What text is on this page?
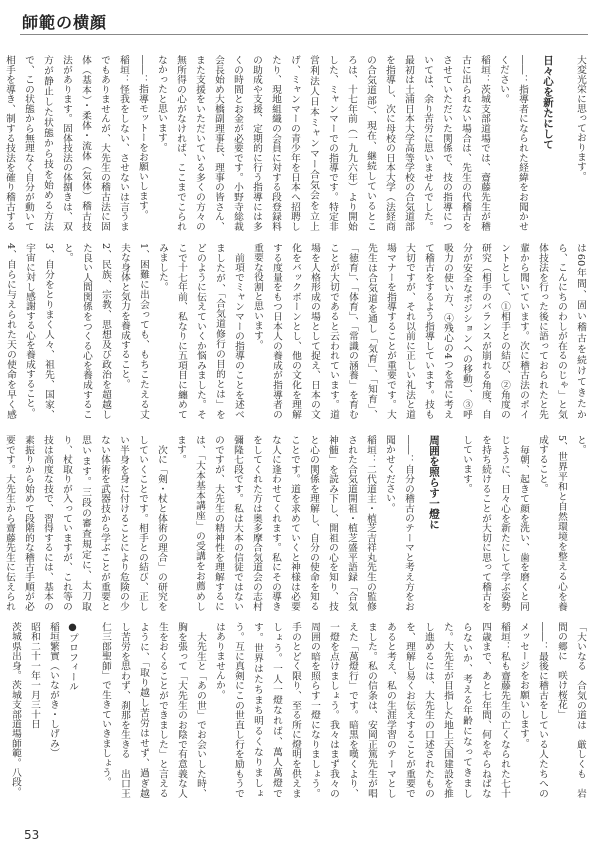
師範の横顔

大変光栄に思っております。

日々心を新たにして

――：指導者になられた経緯をお聞かせください。

稲垣：茨城支部道場では、齋藤先生が稽古に出られない場合は、先生の代稽古をさせていただいた関係で、技の指導については、余り苦労に思いませんでした。最初は土浦日本大学高等学校の合気道部を指導し、次に母校の日本大学（法経商の合気道部）、現在、継続しているところは、十七年前（一九九六年）より開始した、ミャンマーでの指導です。特定非営利法人日本ミャンマー合気会を立上げ、ミャンマーの青少年を日本へ招聘したり、現地組織の会員に対する段登録料の助成や支援、定期的に行う指導には多くの時間とお金が必要です。小野寺総裁会長始め大橋副理事長、理事の皆さん、また支援をいただいている多くの方々の無所得の心がなければ、ここまでこられなかったと思います。

――：指導モットーをお願いします。

稲垣：怪我をしない、させないは言うまでもありませんが、大先生の稽古法に固体（基本）・柔体・流体（気体）稽古技法があります。固体技法の体捌きは、双方が静止した状態から技を始める方法で、この状態から無理なく自分が動いて相手を導き、制する技法を確り稽古する

は60年間、固い稽古を続けてきたから、こんにちのわしが在るのじゃ」と気体技法を行った後に語っておられたと先輩から聞いています。次に稽古法のポイントとして、①相手との結び、②角度の研究（相手のバランスが崩れる角度、自分が安全なポジションへの移動）、③呼吸力の使い方、④残心の4つを常に考えて稽古をするよう指導しています。技も大切ですが、それ以前に正しい礼法と道場マナーを指導することが重要です。大先生は合気道を通し「気育」、「知育」、「徳育」、「体育」、「常識の涵養」を育むことが大切であると云われています。道場を人格形成の場として捉え、日本の文化をバックボーンとし、他の文化を理解する度量をもつ日本人の養成が指導者の重要な役割と思います。

　前項でミャンマーの指導のことを述べましたが、「合気道修行の目的とは」をどのように伝えていくか悩みました。そこで十七年前、私なりに五項目に纏めてみました。

1、困難に出会っても、もちこたえる丈夫な身体と気力を養成すること。

2、民族、宗教、思想及び政治を超越した良い人間関係をつくる心を養成すること。

3、自分をとりまく人々、祖先、国家、宇宙に対し感謝する心を養成すること。

4、自らに与えられた天の使命を早く感

と。

5、世界平和と自然環境を整える心を養成すること。

　毎朝、起きて顔を洗い、歯を磨くと同じように、日々心を新たにして学ぶ姿勢を持ち続けることが大切に思って稽古をしています。

周囲を照らす一燈に

――：自分の稽古のテーマと考え方をお聞かせください。

稲垣：二代道主・植芝吉祥丸先生の監修された合気道開祖・植芝盛平語録「合気神髄」を読み下し、開祖の心を知り、技と心の関係を理解し、自分の使命を知ることです。道を求めていくと神様は必要な人に逢わせてくれます。私にその導きをしてくれた方は奥多摩合気道会の志村彌隆七段です。私は大本の信徒ではないのですが、大先生の精神性を理解するには、「大本基本講座」の受講をお薦めします。

　次に「剣・杖と体術の理合」の研究をしていくことです。相手との結び、正しい半身を身に付けることにより危険の少ない体術を武器技から学ぶことが重要と思います。三段の審査規定に、太刀取り、杖取りが入っていますが、これ等の技は高度な技で、習得するには、基本の素振りから始めて段階的な稽古手順が必要です。大先生から齋藤先生に伝えられ

「大いなる　合気の道は　厳しくも　岩間の郷に　咲け桜花」

――：最後に稽古をしている人たちへのメッセージをお願いします。

稲垣：私も齋藤先生の亡くなられた七十四歳まで、あと七年間、何をやらねばならないか、考える年齢になってきました。大先生が目指した地上天国建設を推し進めるには、大先生の口述されたものを、理解し易くお伝えすることが重要であると考え、私の生涯学習のテーマとしました。私の信条は、安岡正篤先生が唱えた「萬燈行」です。暗黒を嘆くより、一燈を点けましょう。我々はまず我々の周囲の暗を照らす一燈になりましょう。手のとどく限り、至る所に燈明を供えましょう。一人一燈なれば、萬人萬燈です。世界はたちまち明るくなりましょう。互に真剣にこの世直し行を励もうではありませんか。

　大先生と「あの世」でお会いした時、胸を張って「大先生のお陰で有意義な人生をおくることができました」と言えるように、「取り越し苦労はせず、過ぎ越し苦労を思わず、刹那を生きる　出口王仁三郎聖師」で生きていきましょう。

●プロフィール

稲垣繁實（いながき・しげみ）

昭和二十一年一月三十日

茨城県出身。茨城支部道場師範。八段。

53
